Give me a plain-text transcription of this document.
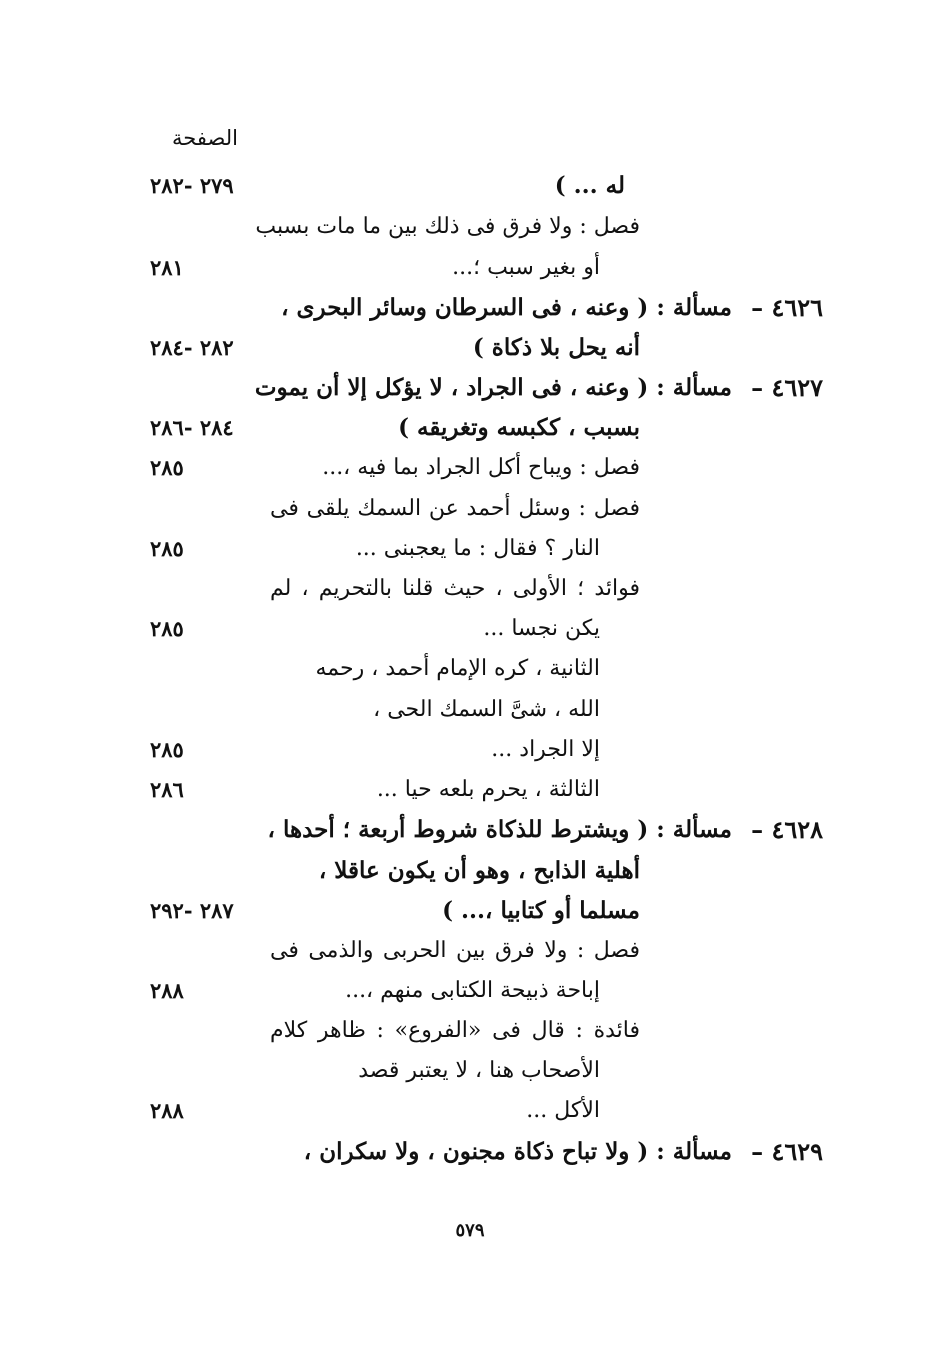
الصفحة
له ... )
٢٧٩ -٢٨٢
فصل : ولا فرق فى ذلك بين ما مات بسبب
أو بغير سبب ؛...
٢٨١
٤٦٢٦ –
مسألة : ( وعنه ، فى السرطان وسائر البحرى ،
أنه يحل بلا ذكاة )
٢٨٢ -٢٨٤
٤٦٢٧ –
مسألة : ( وعنه ، فى الجراد ، لا يؤكل إلا أن يموت
بسبب ، ككبسه وتغريقه )
٢٨٤ -٢٨٦
فصل : ويباح أكل الجراد بما فيه ،...
٢٨٥
فصل : وسئل أحمد عن السمك يلقى فى
النار ؟ فقال : ما يعجبنى ...
٢٨٥
فوائد ؛ الأولى ، حيث قلنا بالتحريم ، لم
يكن نجسا ...
٢٨٥
الثانية ، كره الإمام أحمد ، رحمه
الله ، شىَّ السمك الحى ،
إلا الجراد ...
٢٨٥
الثالثة ، يحرم بلعه حيا ...
٢٨٦
٤٦٢٨ –
مسألة : ( ويشترط للذكاة شروط أربعة ؛ أحدها ،
أهلية الذابح ، وهو أن يكون عاقلا ،
مسلما أو كتابيا ،... )
٢٨٧ -٢٩٢
فصل : ولا فرق بين الحربى والذمى فى
إباحة ذبيحة الكتابى منهم ،...
٢٨٨
فائدة : قال فى «الفروع» : ظاهر كلام
الأصحاب هنا ، لا يعتبر قصد
الأكل ...
٢٨٨
٤٦٢٩ –
مسألة : ( ولا تباح ذكاة مجنون ، ولا سكران ،
٥٧٩
